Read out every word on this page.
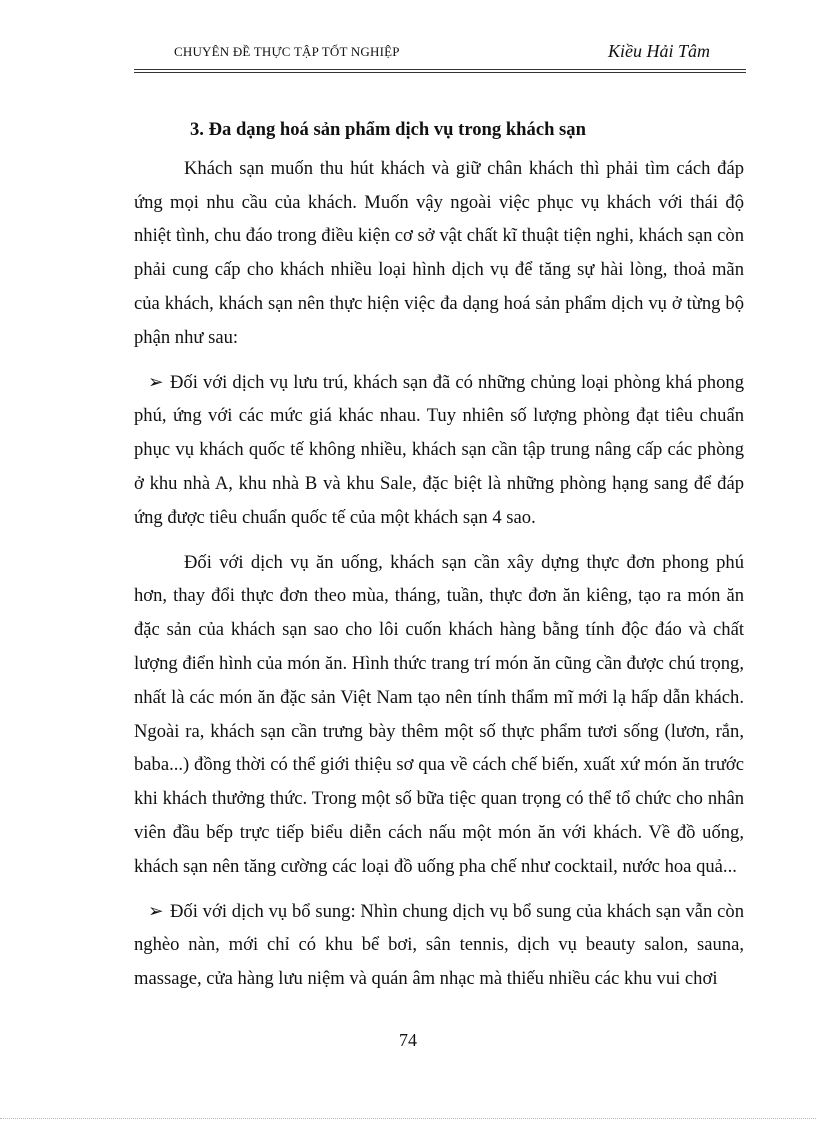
CHUYÊN ĐỀ THỰC TẬP TỐT NGHIỆP	Kiều Hải Tâm

3. Đa dạng hoá sản phẩm dịch vụ trong khách sạn

Khách sạn muốn thu hút khách và giữ chân khách thì phải tìm cách đáp ứng mọi nhu cầu của khách. Muốn vậy ngoài việc phục vụ khách với thái độ nhiệt tình, chu đáo trong điều kiện cơ sở vật chất kĩ thuật tiện nghi, khách sạn còn phải cung cấp cho khách nhiều loại hình dịch vụ để tăng sự hài lòng, thoả mãn của khách, khách sạn nên thực hiện việc đa dạng hoá sản phẩm dịch vụ ở từng bộ phận như sau:

➢ Đối với dịch vụ lưu trú, khách sạn đã có những chủng loại phòng khá phong phú, ứng với các mức giá khác nhau. Tuy nhiên số lượng phòng đạt tiêu chuẩn phục vụ khách quốc tế không nhiều, khách sạn cần tập trung nâng cấp các phòng ở khu nhà A, khu nhà B và khu Sale, đặc biệt là những phòng hạng sang để đáp ứng được tiêu chuẩn quốc tế của một khách sạn 4 sao.

Đối với dịch vụ ăn uống, khách sạn cần xây dựng thực đơn phong phú hơn, thay đổi thực đơn theo mùa, tháng, tuần, thực đơn ăn kiêng, tạo ra món ăn đặc sản của khách sạn sao cho lôi cuốn khách hàng bằng tính độc đáo và chất lượng điển hình của món ăn. Hình thức trang trí món ăn cũng cần được chú trọng, nhất là các món ăn đặc sản Việt Nam tạo nên tính thẩm mĩ mới lạ hấp dẫn khách. Ngoài ra, khách sạn cần trưng bày thêm một số thực phẩm tươi sống (lươn, rắn, baba...) đồng thời có thể giới thiệu sơ qua về cách chế biến, xuất xứ món ăn trước khi khách thưởng thức. Trong một số bữa tiệc quan trọng có thể tổ chức cho nhân viên đầu bếp trực tiếp biểu diễn cách nấu một món ăn với khách. Về đồ uống, khách sạn nên tăng cường các loại đồ uống pha chế như cocktail, nước hoa quả...

➢ Đối với dịch vụ bổ sung: Nhìn chung dịch vụ bổ sung của khách sạn vẫn còn nghèo nàn, mới chỉ có khu bể bơi, sân tennis, dịch vụ beauty salon, sauna, massage, cửa hàng lưu niệm và quán âm nhạc mà thiếu nhiều các khu vui chơi

74
